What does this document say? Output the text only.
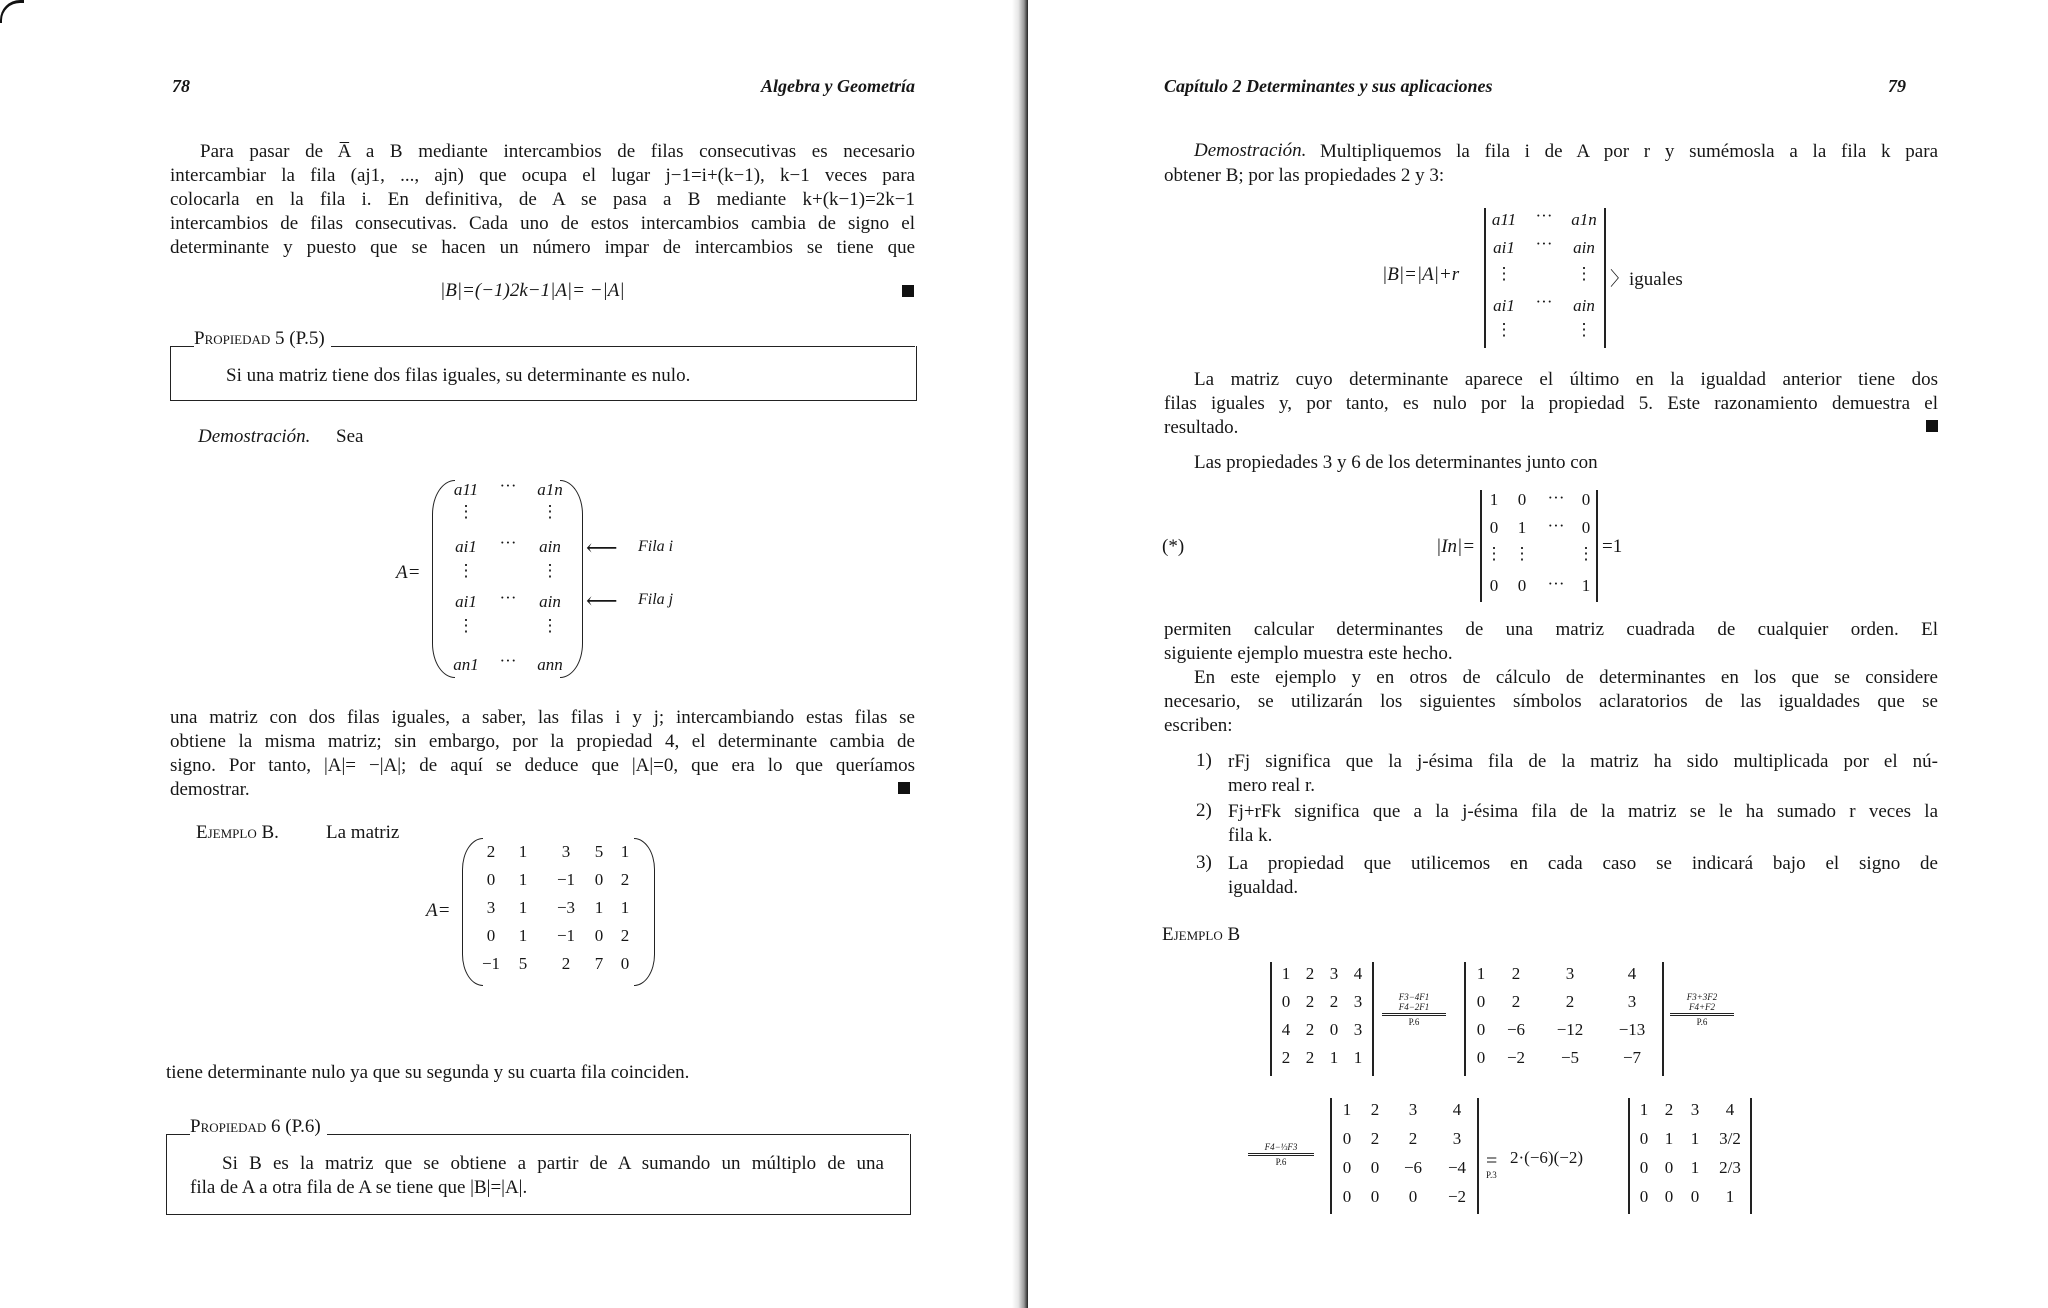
78	Algebra y Geometría
Para pasar de A̅ a B mediante intercambios de filas consecutivas es necesario
intercambiar la fila (aj1, ..., ajn) que ocupa el lugar j−1=i+(k−1), k−1 veces para
colocarla en la fila i. En definitiva, de A se pasa a B mediante k+(k−1)=2k−1
intercambios de filas consecutivas. Cada uno de estos intercambios cambia de signo el
determinante y puesto que se hacen un número impar de intercambios se tiene que
|B|=(−1)2k−1|A|= −|A|
Propiedad 5 (P.5)
Si una matriz tiene dos filas iguales, su determinante es nulo.
Demostración. Sea
A=
a11	···	a1n
⋮	⋮
ai1	···	ain
⋮	⋮
ai1	···	ain
⋮	⋮
an1	···	ann
⟵ Fila i
⟵ Fila j
una matriz con dos filas iguales, a saber, las filas i y j; intercambiando estas filas se
obtiene la misma matriz; sin embargo, por la propiedad 4, el determinante cambia de
signo. Por tanto, |A|= −|A|; de aquí se deduce que |A|=0, que era lo que queríamos
demostrar.
Ejemplo B. La matriz
A=
2	1	3	5	1
0	1	−1	0	2
3	1	−3	1	1
0	1	−1	0	2
−1	5	2	7	0
tiene determinante nulo ya que su segunda y su cuarta fila coinciden.
Propiedad 6 (P.6)
Si B es la matriz que se obtiene a partir de A sumando un múltiplo de una
fila de A a otra fila de A se tiene que |B|=|A|.
Capítulo 2 Determinantes y sus aplicaciones	79
Demostración. Multipliquemos la fila i de A por r y sumémosla a la fila k para
obtener B; por las propiedades 2 y 3:
|B|=|A|+r
a11	···	a1n
ai1	···	ain
⋮	⋮
ai1	···	ain
⋮	⋮
〉iguales
La matriz cuyo determinante aparece el último en la igualdad anterior tiene dos
filas iguales y, por tanto, es nulo por la propiedad 5. Este razonamiento demuestra el
resultado.
Las propiedades 3 y 6 de los determinantes junto con
(*)	|In|=
1	0	···	0
0	1	···	0
⋮ ⋮	⋮
0	0	···	1
=1
permiten calcular determinantes de una matriz cuadrada de cualquier orden. El
siguiente ejemplo muestra este hecho.
En este ejemplo y en otros de cálculo de determinantes en los que se considere
necesario, se utilizarán los siguientes símbolos aclaratorios de las igualdades que se
escriben:
1) rFj significa que la j-ésima fila de la matriz ha sido multiplicada por el nú-
mero real r.
2) Fj+rFk significa que a la j-ésima fila de la matriz se le ha sumado r veces la
fila k.
3) La propiedad que utilicemos en cada caso se indicará bajo el signo de
igualdad.
Ejemplo B
1 2 3 4
0 2 2 3
4 2 0 3
2 2 1 1
F3−4F1
F4−2F1
P.6
1	2	3	4
0	2	2	3
0	−6	−12	−13
0	−2	−5	−7
F3+3F2
F4+F2
P.6
F4−⅓F3
P.6
1	2	3	4
0	2	2	3
0	0	−6	−4
0	0	0	−2
=
P.3
2·(−6)(−2)
1 2	3	4
0 1	1	3/2
0 0	1	2/3
0 0	0	1
